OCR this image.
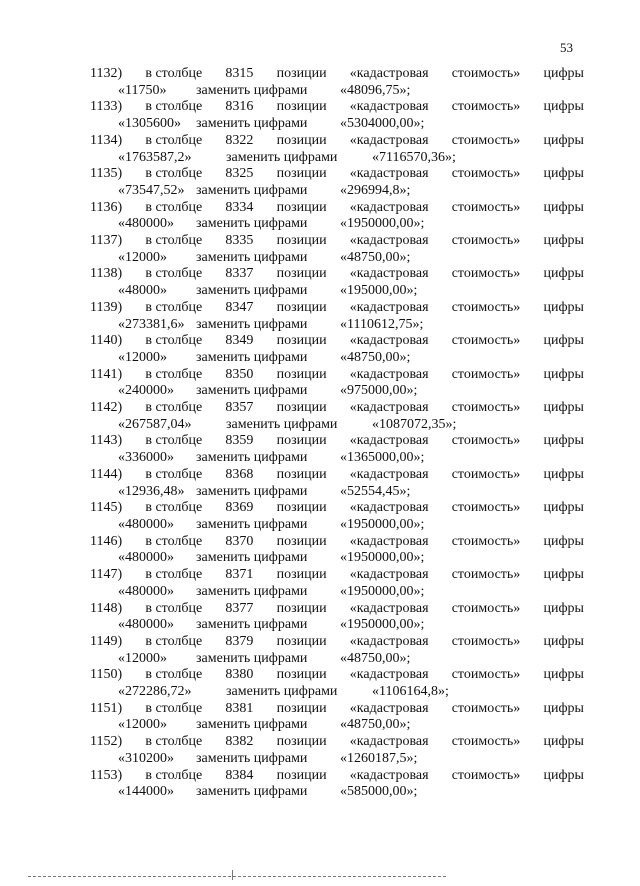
53
1132) в столбце 8315 позиции «кадастровая стоимость» цифры
«11750»	заменить цифрами	«48096,75»;
1133) в столбце 8316 позиции «кадастровая стоимость» цифры
«1305600»	заменить цифрами	«5304000,00»;
1134) в столбце 8322 позиции «кадастровая стоимость» цифры
«1763587,2»	заменить цифрами	«7116570,36»;
1135) в столбце 8325 позиции «кадастровая стоимость» цифры
«73547,52» заменить цифрами	«296994,8»;
1136) в столбце 8334 позиции «кадастровая стоимость» цифры
«480000»	заменить цифрами	«1950000,00»;
1137) в столбце 8335 позиции «кадастровая стоимость» цифры
«12000»	заменить цифрами	«48750,00»;
1138) в столбце 8337 позиции «кадастровая стоимость» цифры
«48000»	заменить цифрами	«195000,00»;
1139) в столбце 8347 позиции «кадастровая стоимость» цифры
«273381,6» заменить цифрами	«1110612,75»;
1140) в столбце 8349 позиции «кадастровая стоимость» цифры
«12000»	заменить цифрами	«48750,00»;
1141) в столбце 8350 позиции «кадастровая стоимость» цифры
«240000»	заменить цифрами	«975000,00»;
1142) в столбце 8357 позиции «кадастровая стоимость» цифры
«267587,04»	заменить цифрами	«1087072,35»;
1143) в столбце 8359 позиции «кадастровая стоимость» цифры
«336000»	заменить цифрами	«1365000,00»;
1144) в столбце 8368 позиции «кадастровая стоимость» цифры
«12936,48» заменить цифрами	«52554,45»;
1145) в столбце 8369 позиции «кадастровая стоимость» цифры
«480000»	заменить цифрами	«1950000,00»;
1146) в столбце 8370 позиции «кадастровая стоимость» цифры
«480000»	заменить цифрами	«1950000,00»;
1147) в столбце 8371 позиции «кадастровая стоимость» цифры
«480000»	заменить цифрами	«1950000,00»;
1148) в столбце 8377 позиции «кадастровая стоимость» цифры
«480000»	заменить цифрами	«1950000,00»;
1149) в столбце 8379 позиции «кадастровая стоимость» цифры
«12000»	заменить цифрами	«48750,00»;
1150) в столбце 8380 позиции «кадастровая стоимость» цифры
«272286,72»	заменить цифрами	«1106164,8»;
1151) в столбце 8381 позиции «кадастровая стоимость» цифры
«12000»	заменить цифрами	«48750,00»;
1152) в столбце 8382 позиции «кадастровая стоимость» цифры
«310200»	заменить цифрами	«1260187,5»;
1153) в столбце 8384 позиции «кадастровая стоимость» цифры
«144000»	заменить цифрами	«585000,00»;
